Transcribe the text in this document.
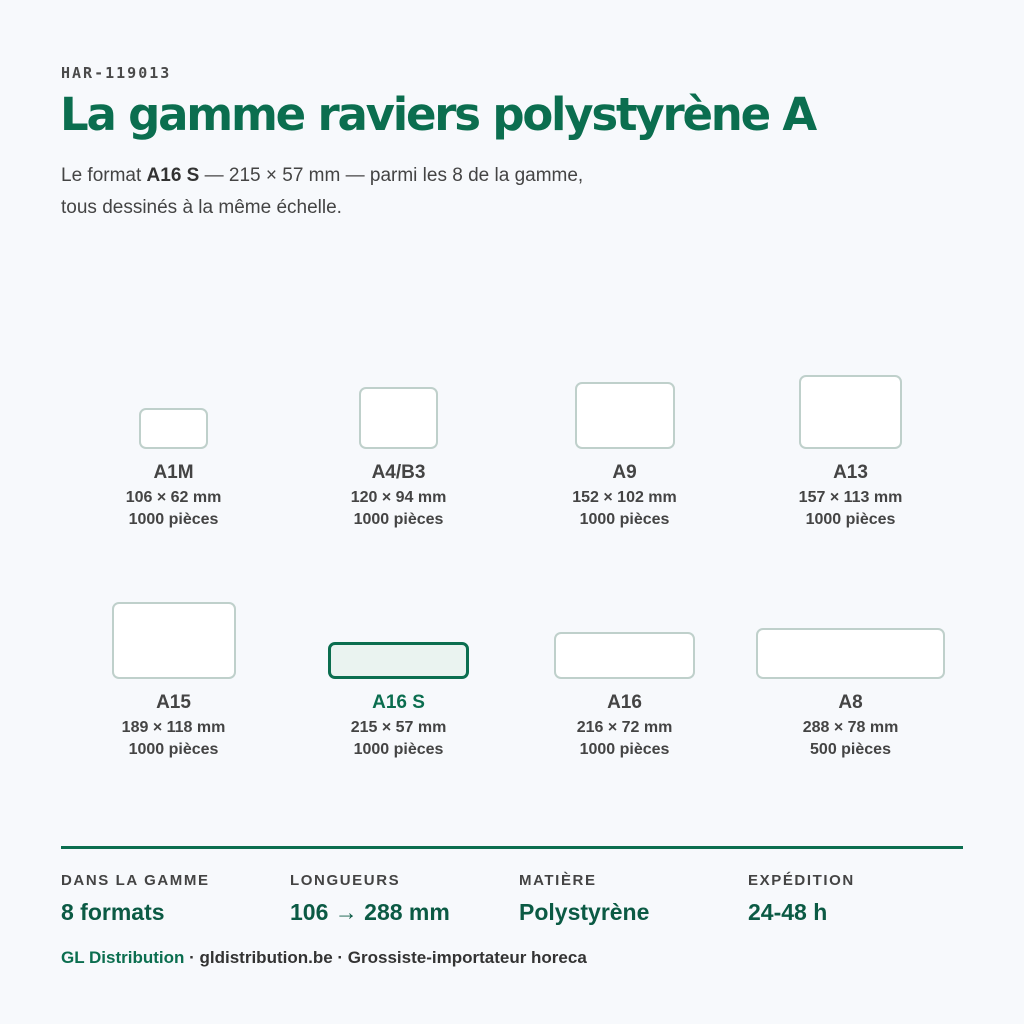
HAR-119013
La gamme raviers polystyrène A

Le format A16 S — 215 × 57 mm — parmi les 8 de la gamme, tous dessinés à la même échelle.

A1M
106 × 62 mm
1000 pièces
A4/B3
120 × 94 mm
1000 pièces
A9
152 × 102 mm
1000 pièces
A13
157 × 113 mm
1000 pièces
A15
189 × 118 mm
1000 pièces
A16 S
215 × 57 mm
1000 pièces
A16
216 × 72 mm
1000 pièces
A8
288 × 78 mm
500 pièces
DANS LA GAMME
8 formats
LONGUEURS
106 → 288 mm
MATIÈRE
Polystyrène
EXPÉDITION
24-48 h
GL Distribution · gldistribution.be · Grossiste-importateur horeca
